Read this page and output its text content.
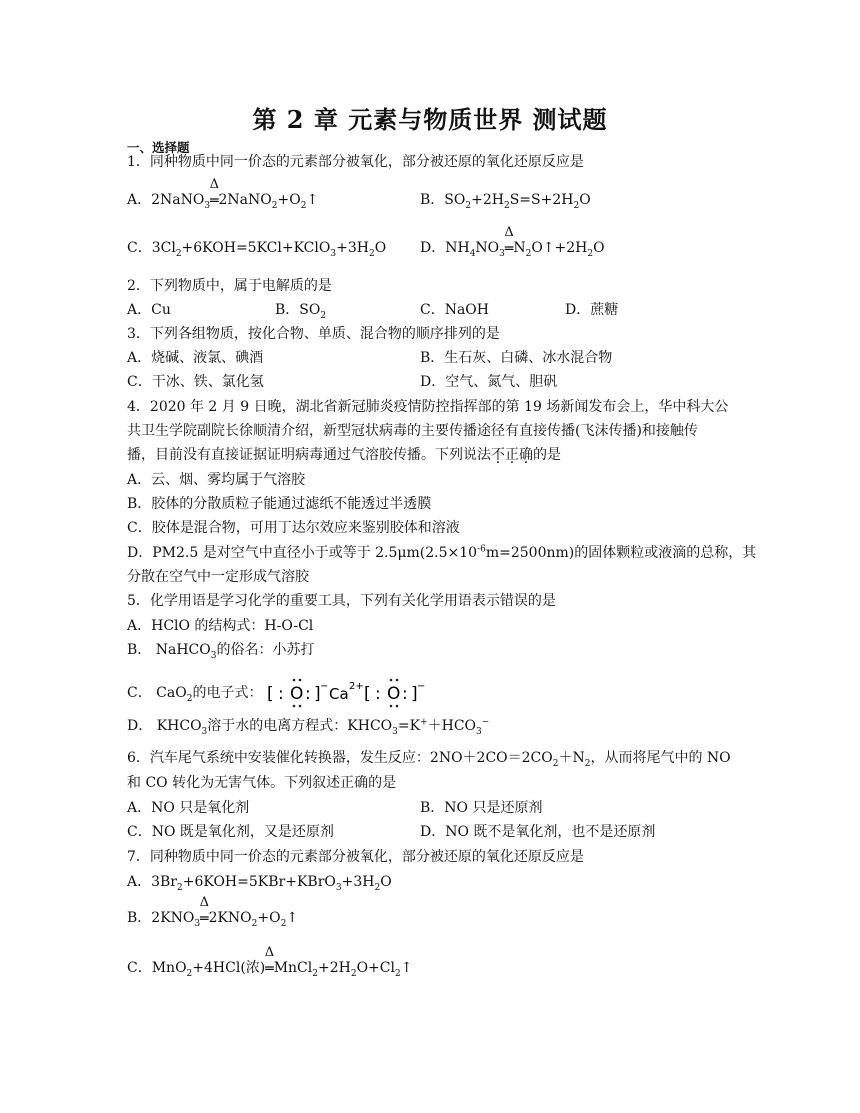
第 2 章 元素与物质世界 测试题
一、选择题
1．同种物质中同一价态的元素部分被氧化，部分被还原的氧化还原反应是
A．2NaNO$_3$
Δ
$═2NaNO_2+O_2↑$	B．$SO_2+2H_2S=S+2H_2O$
C．$3Cl_2+6KOH=5KCl+KClO_3+3H_2O$ D．$NH_4NO_3$
Δ
$═N_2O↑+2H_2O$
2．下列物质中，属于电解质的是
A．Cu	B．$SO_2$	C．NaOH	D．蔗糖
3．下列各组物质，按化合物、单质、混合物的顺序排列的是
A．烧碱、液氯、碘酒	B．生石灰、白磷、冰水混合物
C．干冰、铁、氯化氢	D．空气、氮气、胆矾
4．2020 年 2 月 9 日晚，湖北省新冠肺炎疫情防控指挥部的第 19 场新闻发布会上，华中科大公
共卫生学院副院长徐顺清介绍，新型冠状病毒的主要传播途径有直接传播(飞沫传播)和接触传
播，目前没有直接证据证明病毒通过气溶胶传播。下列说法不正确的是
A．云、烟、雾均属于气溶胶
B．胶体的分散质粒子能通过滤纸不能透过半透膜
C．胶体是混合物，可用丁达尔效应来鉴别胶体和溶液
D．PM2.5 是对空气中直径小于或等于 $2.5\mu m(2.5\times 10^{-6}m=2500nm)$的固体颗粒或液滴的总称，其
分散在空气中一定形成气溶胶
5．化学用语是学习化学的重要工具，下列有关化学用语表示错误的是
A．HClO 的结构式：H-O-Cl
B． NaHCO$_3$的俗名：小苏打
C． CaO$_2$的电子式： [ : O : ] − Ca 2+ [ : O : ] −
D． $KHCO_3$溶于水的电离方程式：$KHCO_3=K^++HCO_3^-$
6．汽车尾气系统中安装催化转换器，发生反应：$2NO+2CO=2CO_2+N_2$，从而将尾气中的 NO
和 CO 转化为无害气体。下列叙述正确的是
A．NO 只是氧化剂	B．NO 只是还原剂
C．NO 既是氧化剂，又是还原剂	D．NO 既不是氧化剂，也不是还原剂
7．同种物质中同一价态的元素部分被氧化，部分被还原的氧化还原反应是
A．$3Br_2+6KOH=5KBr+KBrO_3+3H_2O$
B．$2KNO_3$
Δ
$═2KNO_2+O_2↑$
C．MnO$_2$+4HCl(浓)
Δ
$═MnCl_2+2H_2O+Cl_2↑$
